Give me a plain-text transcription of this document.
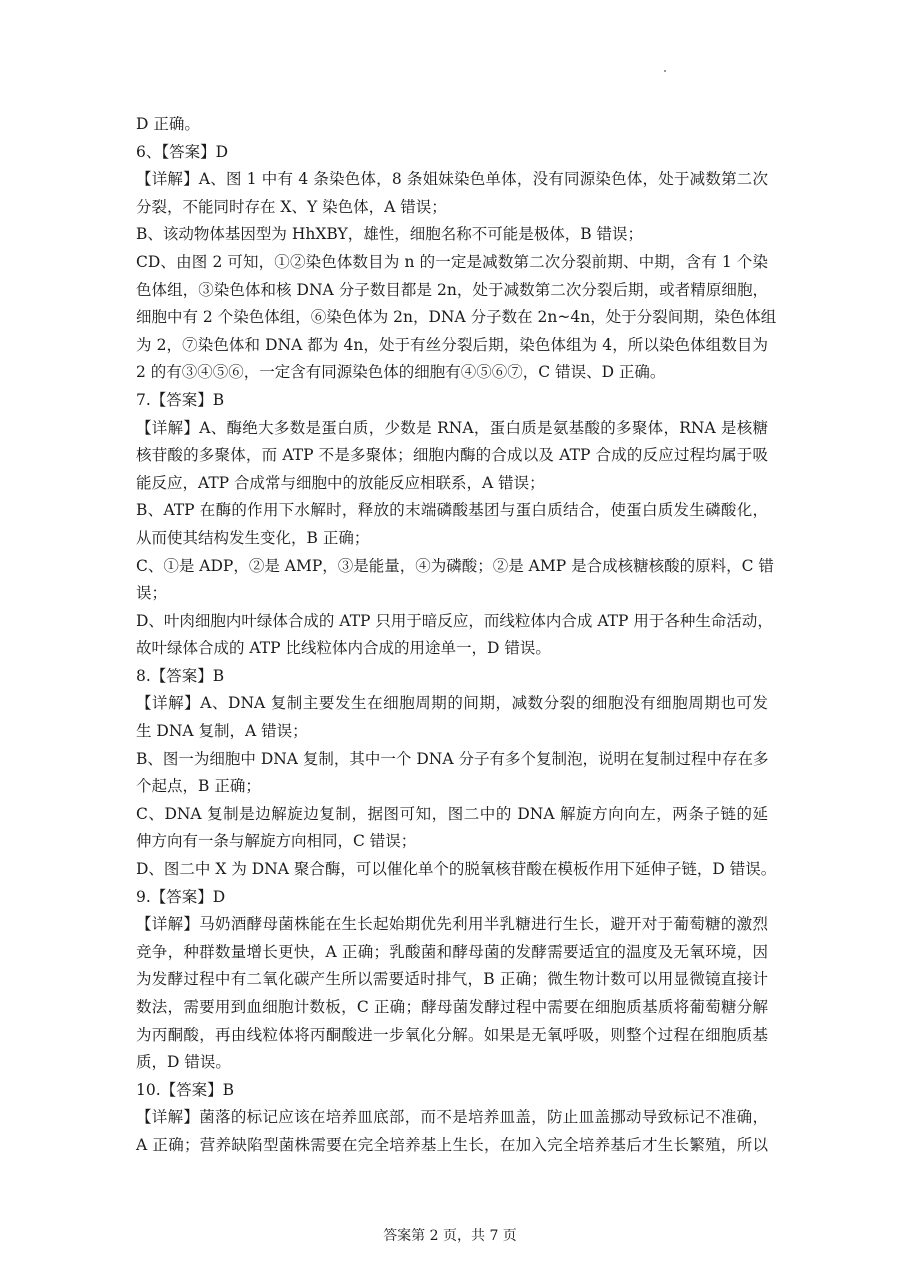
D 正确。
6、【答案】D
【详解】A、图 1 中有 4 条染色体，8 条姐妹染色单体，没有同源染色体，处于减数第二次
分裂，不能同时存在 X、Y 染色体，A 错误；
B、该动物体基因型为 HhXBY，雄性，细胞名称不可能是极体，B 错误；
CD、由图 2 可知，①②染色体数目为 n 的一定是减数第二次分裂前期、中期，含有 1 个染
色体组，③染色体和核 DNA 分子数目都是 2n，处于减数第二次分裂后期，或者精原细胞，
细胞中有 2 个染色体组，⑥染色体为 2n，DNA 分子数在 2n~4n，处于分裂间期，染色体组
为 2，⑦染色体和 DNA 都为 4n，处于有丝分裂后期，染色体组为 4，所以染色体组数目为
2 的有③④⑤⑥，一定含有同源染色体的细胞有④⑤⑥⑦，C 错误、D 正确。
7.【答案】B
【详解】A、酶绝大多数是蛋白质，少数是 RNA，蛋白质是氨基酸的多聚体，RNA 是核糖
核苷酸的多聚体，而 ATP 不是多聚体；细胞内酶的合成以及 ATP 合成的反应过程均属于吸
能反应，ATP 合成常与细胞中的放能反应相联系，A 错误；
B、ATP 在酶的作用下水解时，释放的末端磷酸基团与蛋白质结合，使蛋白质发生磷酸化，
从而使其结构发生变化，B 正确；
C、①是 ADP，②是 AMP，③是能量，④为磷酸；②是 AMP 是合成核糖核酸的原料，C 错
误；
D、叶肉细胞内叶绿体合成的 ATP 只用于暗反应，而线粒体内合成 ATP 用于各种生命活动，
故叶绿体合成的 ATP 比线粒体内合成的用途单一，D 错误。
8.【答案】B
【详解】A、DNA 复制主要发生在细胞周期的间期，减数分裂的细胞没有细胞周期也可发
生 DNA 复制，A 错误；
B、图一为细胞中 DNA 复制，其中一个 DNA 分子有多个复制泡，说明在复制过程中存在多
个起点，B 正确；
C、DNA 复制是边解旋边复制，据图可知，图二中的 DNA 解旋方向向左，两条子链的延
伸方向有一条与解旋方向相同，C 错误；
D、图二中 X 为 DNA 聚合酶，可以催化单个的脱氧核苷酸在模板作用下延伸子链，D 错误。
9.【答案】D
【详解】马奶酒酵母菌株能在生长起始期优先利用半乳糖进行生长，避开对于葡萄糖的激烈
竞争，种群数量增长更快，A 正确；乳酸菌和酵母菌的发酵需要适宜的温度及无氧环境，因
为发酵过程中有二氧化碳产生所以需要适时排气，B 正确；微生物计数可以用显微镜直接计
数法，需要用到血细胞计数板，C 正确；酵母菌发酵过程中需要在细胞质基质将葡萄糖分解
为丙酮酸，再由线粒体将丙酮酸进一步氧化分解。如果是无氧呼吸，则整个过程在细胞质基
质，D 错误。
10.【答案】B
【详解】菌落的标记应该在培养皿底部，而不是培养皿盖，防止皿盖挪动导致标记不准确，
A 正确；营养缺陷型菌株需要在完全培养基上生长，在加入完全培养基后才生长繁殖，所以
答案第 2 页，共 7 页
